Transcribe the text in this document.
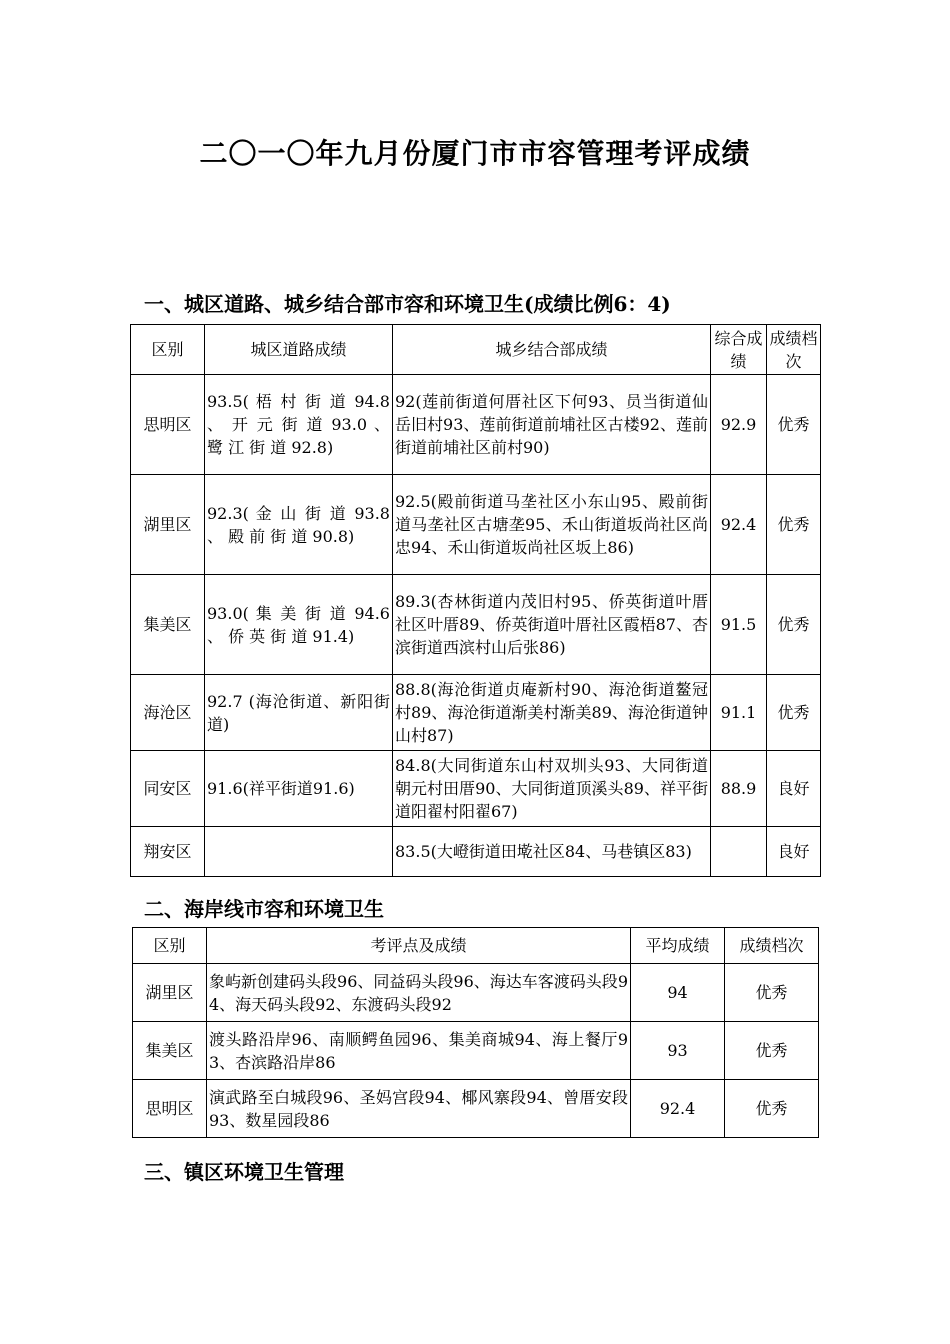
二〇一〇年九月份厦门市市容管理考评成绩
一、城区道路、城乡结合部市容和环境卫生(成绩比例6：4)
区别	城区道路成绩	城乡结合部成绩	综合成绩	成绩档次
思明区	93.5( 梧 村 街 道 94.8 、 开 元 街 道 93.0 、 鹭 江 街 道 92.8)	92(莲前街道何厝社区下何93、员当街道仙岳旧村93、莲前街道前埔社区古楼92、莲前街道前埔社区前村90)	92.9	优秀
湖里区	92.3( 金 山 街 道 93.8 、 殿 前 街 道 90.8)	92.5(殿前街道马垄社区小东山95、殿前街道马垄社区古塘垄95、禾山街道坂尚社区尚忠94、禾山街道坂尚社区坂上86)	92.4	优秀
集美区	93.0( 集 美 街 道 94.6 、 侨 英 街 道 91.4)	89.3(杏林街道内茂旧村95、侨英街道叶厝社区叶厝89、侨英街道叶厝社区霞梧87、杏滨街道西滨村山后张86)	91.5	优秀
海沧区	92.7 (海沧街道、新阳街道)	88.8(海沧街道贞庵新村90、海沧街道鳌冠村89、海沧街道渐美村渐美89、海沧街道钟山村87)	91.1	优秀
同安区	91.6(祥平街道91.6)	84.8(大同街道东山村双圳头93、大同街道朝元村田厝90、大同街道顶溪头89、祥平街道阳翟村阳翟67)	88.9	良好
翔安区		83.5(大嶝街道田墘社区84、马巷镇区83)		良好
二、海岸线市容和环境卫生
区别	考评点及成绩	平均成绩	成绩档次
湖里区	象屿新创建码头段96、同益码头段96、海达车客渡码头段94、海天码头段92、东渡码头段92	94	优秀
集美区	渡头路沿岸96、南顺鳄鱼园96、集美商城94、海上餐厅93、杏滨路沿岸86	93	优秀
思明区	演武路至白城段96、圣妈宫段94、椰风寨段94、曾厝安段93、数星园段86	92.4	优秀
三、镇区环境卫生管理
